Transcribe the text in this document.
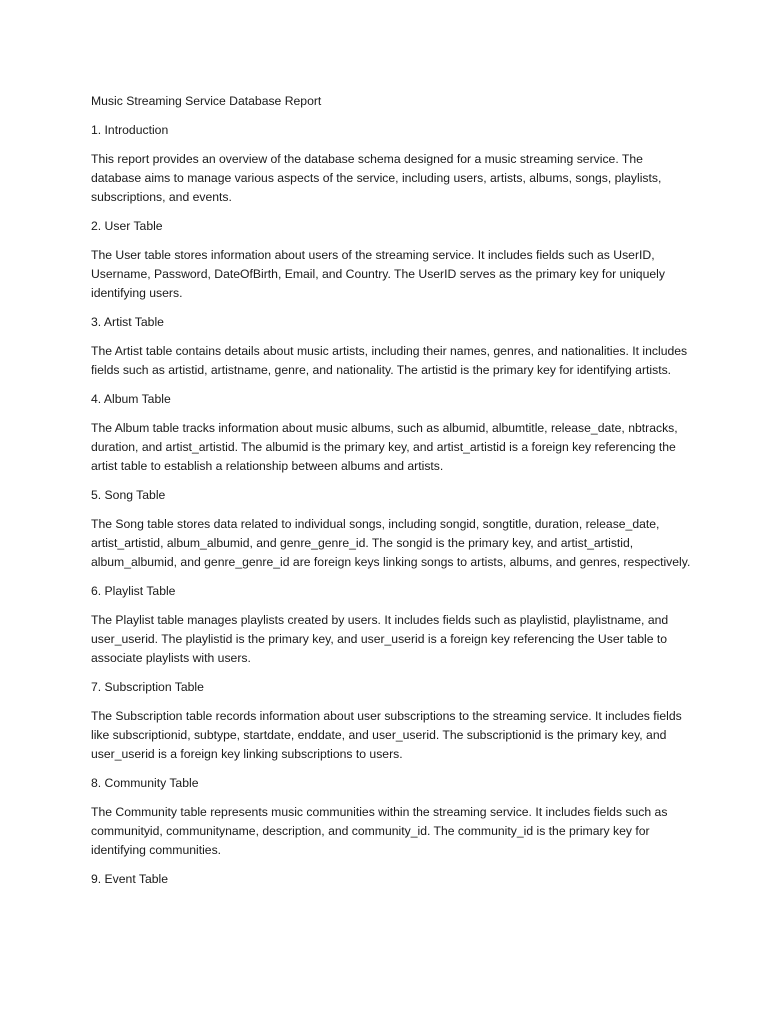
Music Streaming Service Database Report

1. Introduction

This report provides an overview of the database schema designed for a music streaming service. The database aims to manage various aspects of the service, including users, artists, albums, songs, playlists, subscriptions, and events.

2. User Table

The User table stores information about users of the streaming service. It includes fields such as UserID, Username, Password, DateOfBirth, Email, and Country. The UserID serves as the primary key for uniquely identifying users.

3. Artist Table

The Artist table contains details about music artists, including their names, genres, and nationalities. It includes fields such as artistid, artistname, genre, and nationality. The artistid is the primary key for identifying artists.

4. Album Table

The Album table tracks information about music albums, such as albumid, albumtitle, release_date, nbtracks, duration, and artist_artistid. The albumid is the primary key, and artist_artistid is a foreign key referencing the artist table to establish a relationship between albums and artists.

5. Song Table

The Song table stores data related to individual songs, including songid, songtitle, duration, release_date, artist_artistid, album_albumid, and genre_genre_id. The songid is the primary key, and artist_artistid, album_albumid, and genre_genre_id are foreign keys linking songs to artists, albums, and genres, respectively.

6. Playlist Table

The Playlist table manages playlists created by users. It includes fields such as playlistid, playlistname, and user_userid. The playlistid is the primary key, and user_userid is a foreign key referencing the User table to associate playlists with users.

7. Subscription Table

The Subscription table records information about user subscriptions to the streaming service. It includes fields like subscriptionid, subtype, startdate, enddate, and user_userid. The subscriptionid is the primary key, and user_userid is a foreign key linking subscriptions to users.

8. Community Table

The Community table represents music communities within the streaming service. It includes fields such as communityid, communityname, description, and community_id. The community_id is the primary key for identifying communities.

9. Event Table
